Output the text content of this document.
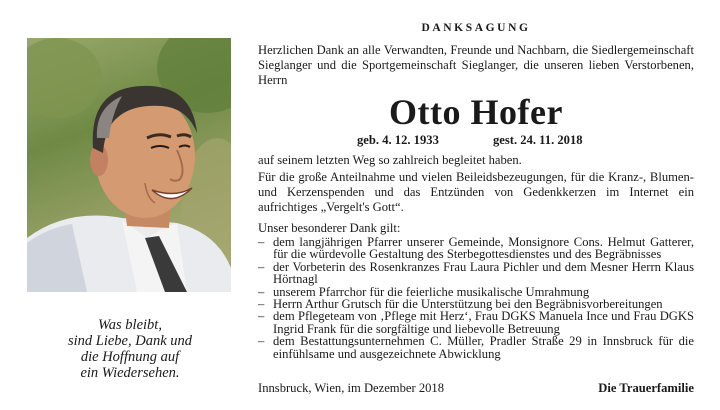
Was bleibt,
sind Liebe, Dank und
die Hoffnung auf
ein Wiedersehen.
DANKSAGUNG
Herzlichen Dank an alle Verwandten, Freunde und Nachbarn, die Siedlergemeinschaft Sieglanger und die Sportgemeinschaft Sieglanger, die unseren lieben Verstorbenen, Herrn
Otto Hofer
geb. 4. 12. 1933	gest. 24. 11. 2018
auf seinem letzten Weg so zahlreich begleitet haben.
Für die große Anteilnahme und vielen Beileidsbezeugungen, für die Kranz-, Blumen- und Kerzenspenden und das Entzünden von Gedenkkerzen im Internet ein aufrichtiges „Vergelt's Gott“.
Unser besonderer Dank gilt:
– dem langjährigen Pfarrer unserer Gemeinde, Monsignore Cons. Helmut Gatterer, für die würdevolle Gestaltung des Sterbegottesdienstes und des Begräbnisses
– der Vorbeterin des Rosenkranzes Frau Laura Pichler und dem Mesner Herrn Klaus Hörtnagl
– unserem Pfarrchor für die feierliche musikalische Umrahmung
– Herrn Arthur Grutsch für die Unterstützung bei den Begräbnisvorbereitungen
– dem Pflegeteam von ‚Pflege mit Herz‘, Frau DGKS Manuela Ince und Frau DGKS Ingrid Frank für die sorgfältige und liebevolle Betreuung
– dem Bestattungsunternehmen C. Müller, Pradler Straße 29 in Innsbruck für die einfühlsame und ausgezeichnete Abwicklung
Innsbruck, Wien, im Dezember 2018	Die Trauerfamilie
